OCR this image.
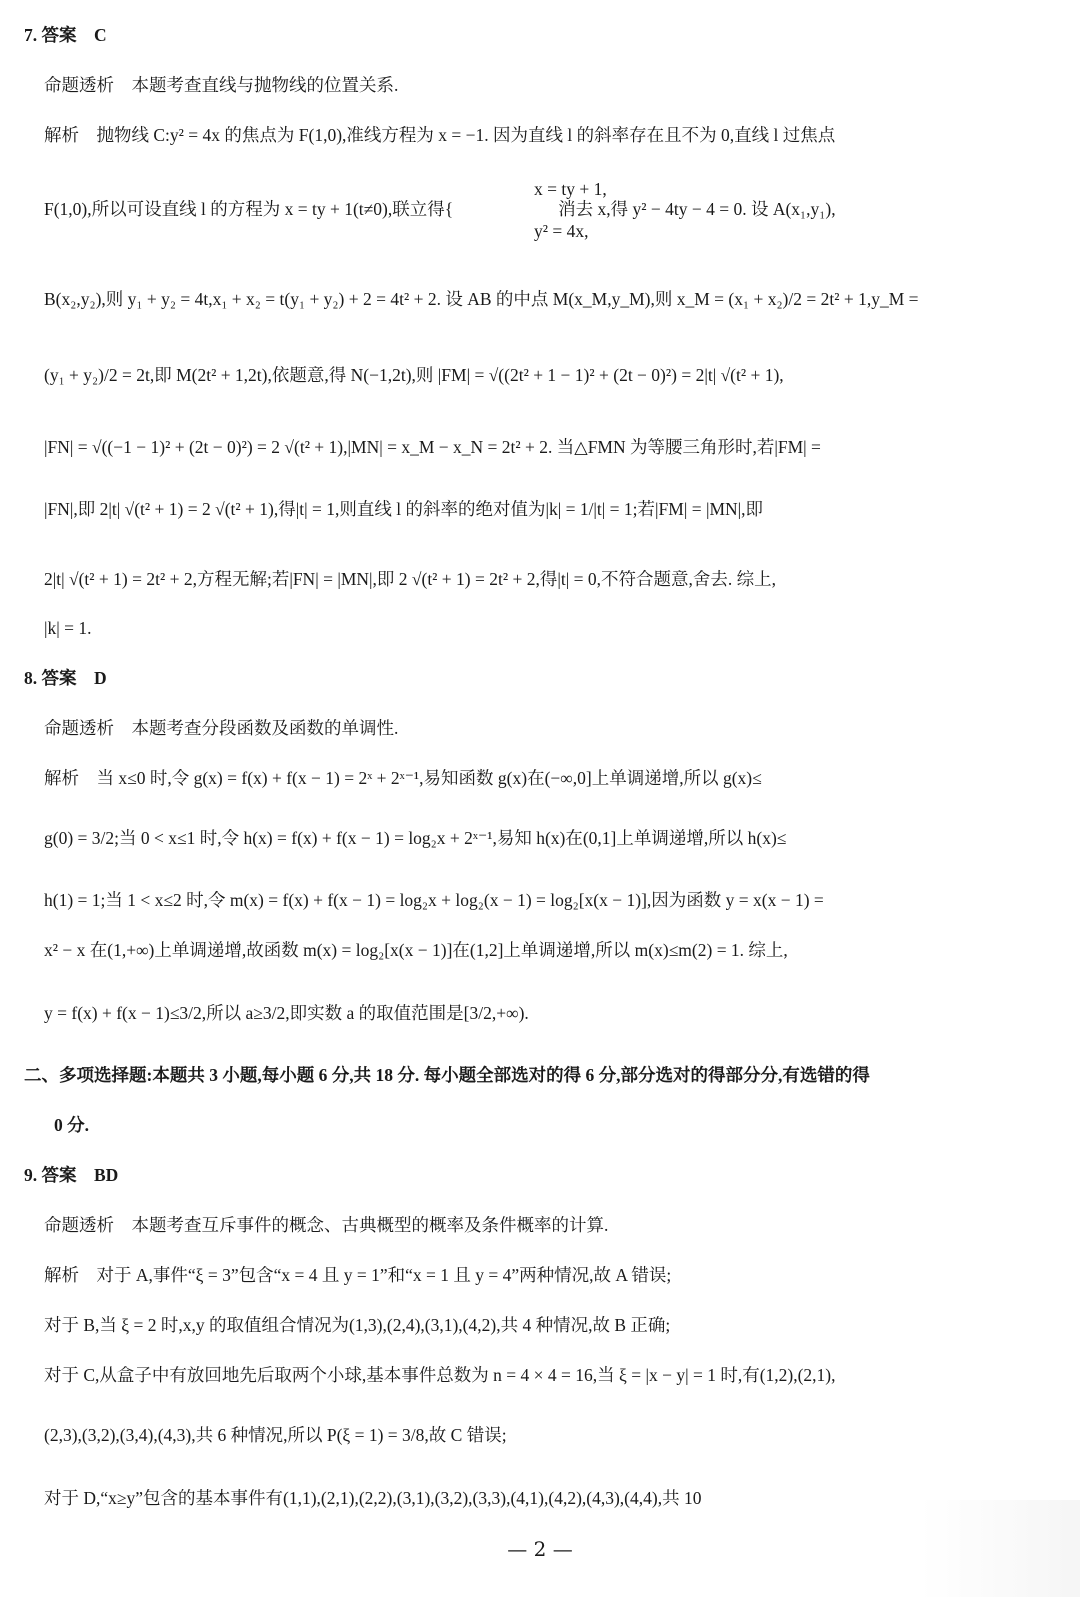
7. 答案　C
命题透析　本题考查直线与抛物线的位置关系.
解析　抛物线 C:y² = 4x 的焦点为 F(1,0),准线方程为 x = −1. 因为直线 l 的斜率存在且不为 0,直线 l 过焦点
　　　　　　　　　　　　　　　　　　　　　　　　　　　　x = ty + 1,
F(1,0),所以可设直线 l 的方程为 x = ty + 1(t≠0),联立得{　　　　　　消去 x,得 y² − 4ty − 4 = 0. 设 A(x₁,y₁),
　　　　　　　　　　　　　　　　　　　　　　　　　　　　y² = 4x,
B(x₂,y₂),则 y₁ + y₂ = 4t,x₁ + x₂ = t(y₁ + y₂) + 2 = 4t² + 2. 设 AB 的中点 M(x_M,y_M),则 x_M = (x₁ + x₂)/2 = 2t² + 1,y_M =
(y₁ + y₂)/2 = 2t,即 M(2t² + 1,2t),依题意,得 N(−1,2t),则 |FM| = √((2t² + 1 − 1)² + (2t − 0)²) = 2|t| √(t² + 1),
|FN| = √((−1 − 1)² + (2t − 0)²) = 2 √(t² + 1),|MN| = x_M − x_N = 2t² + 2. 当△FMN 为等腰三角形时,若|FM| =
|FN|,即 2|t| √(t² + 1) = 2 √(t² + 1),得|t| = 1,则直线 l 的斜率的绝对值为|k| = 1/|t| = 1;若|FM| = |MN|,即
2|t| √(t² + 1) = 2t² + 2,方程无解;若|FN| = |MN|,即 2 √(t² + 1) = 2t² + 2,得|t| = 0,不符合题意,舍去. 综上,
|k| = 1.
8. 答案　D
命题透析　本题考查分段函数及函数的单调性.
解析　当 x≤0 时,令 g(x) = f(x) + f(x − 1) = 2ˣ + 2ˣ⁻¹,易知函数 g(x)在(−∞,0]上单调递增,所以 g(x)≤
g(0) = 3/2;当 0 < x≤1 时,令 h(x) = f(x) + f(x − 1) = log₂x + 2ˣ⁻¹,易知 h(x)在(0,1]上单调递增,所以 h(x)≤
h(1) = 1;当 1 < x≤2 时,令 m(x) = f(x) + f(x − 1) = log₂x + log₂(x − 1) = log₂[x(x − 1)],因为函数 y = x(x − 1) =
x² − x 在(1,+∞)上单调递增,故函数 m(x) = log₂[x(x − 1)]在(1,2]上单调递增,所以 m(x)≤m(2) = 1. 综上,
y = f(x) + f(x − 1)≤3/2,所以 a≥3/2,即实数 a 的取值范围是[3/2,+∞).
二、多项选择题:本题共 3 小题,每小题 6 分,共 18 分. 每小题全部选对的得 6 分,部分选对的得部分分,有选错的得
0 分.
9. 答案　BD
命题透析　本题考查互斥事件的概念、古典概型的概率及条件概率的计算.
解析　对于 A,事件“ξ = 3”包含“x = 4 且 y = 1”和“x = 1 且 y = 4”两种情况,故 A 错误;
对于 B,当 ξ = 2 时,x,y 的取值组合情况为(1,3),(2,4),(3,1),(4,2),共 4 种情况,故 B 正确;
对于 C,从盒子中有放回地先后取两个小球,基本事件总数为 n = 4 × 4 = 16,当 ξ = |x − y| = 1 时,有(1,2),(2,1),
(2,3),(3,2),(3,4),(4,3),共 6 种情况,所以 P(ξ = 1) = 3/8,故 C 错误;
对于 D,“x≥y”包含的基本事件有(1,1),(2,1),(2,2),(3,1),(3,2),(3,3),(4,1),(4,2),(4,3),(4,4),共 10
— 2 —
